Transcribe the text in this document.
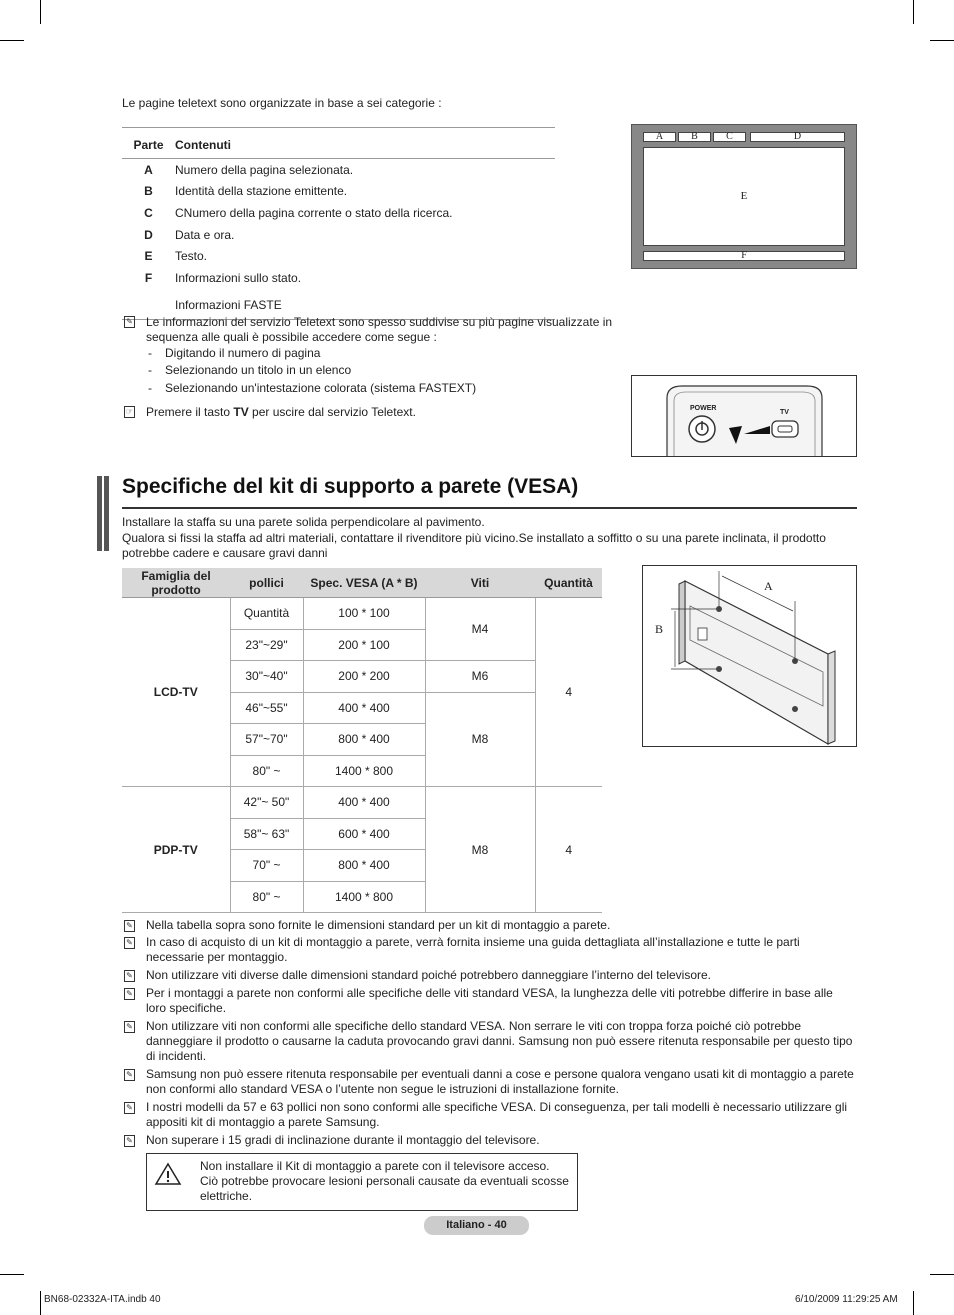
Le pagine teletext sono organizzate in base a sei categorie :
Parte Contenuti
A	Numero della pagina selezionata.
B	Identità della stazione emittente.
C	CNumero della pagina corrente o stato della ricerca.
D	Data e ora.
E	Testo.
F	Informazioni sullo stato.
Informazioni FASTE
A	B	C	D
E
F
✎ Le informazioni del servizio Teletext sono spesso suddivise su più pagine visualizzate in sequenza alle quali è possibile accedere come segue :
- Digitando il numero di pagina
- Selezionando un titolo in un elenco
- Selezionando un'intestazione colorata (sistema FASTEXT)
☞ Premere il tasto TV per uscire dal servizio Teletext.	POWER
TV
Specifiche del kit di supporto a parete (VESA)
Installare la staffa su una parete solida perpendicolare al pavimento.
Qualora si fissi la staffa ad altri materiali, contattare il rivenditore più vicino.Se installato a soffitto o su una parete inclinata, il prodotto potrebbe cadere e causare gravi danni
Famiglia del prodotto	pollici	Spec. VESA (A * B)	Viti	Quantità
LCD-TV	Quantità	100 * 100	M4	4
	23"~29"	200 * 100		
	30"~40"	200 * 200	M6	
	46"~55"	400 * 400	M8	
	57"~70"	800 * 400		
	80" ~	1400 * 800		
PDP-TV	42"~ 50"	400 * 400	M8	4
	58"~ 63"	600 * 400		
	70" ~	800 * 400		
	80" ~	1400 * 800		
A
B
✎ Nella tabella sopra sono fornite le dimensioni standard per un kit di montaggio a parete.
✎ In caso di acquisto di un kit di montaggio a parete, verrà fornita insieme una guida dettagliata all’installazione e tutte le parti necessarie per montaggio.
✎ Non utilizzare viti diverse dalle dimensioni standard poiché potrebbero danneggiare l’interno del televisore.
✎ Per i montaggi a parete non conformi alle specifiche delle viti standard VESA, la lunghezza delle viti potrebbe differire in base alle loro specifiche.
✎ Non utilizzare viti non conformi alle specifiche dello standard VESA. Non serrare le viti con troppa forza poiché ciò potrebbe danneggiare il prodotto o causarne la caduta provocando gravi danni. Samsung non può essere ritenuta responsabile per questo tipo di incidenti.
✎ Samsung non può essere ritenuta responsabile per eventuali danni a cose e persone qualora vengano usati kit di montaggio a parete non conformi allo standard VESA o l’utente non segue le istruzioni di installazione fornite.
✎ I nostri modelli da 57 e 63 pollici non sono conformi alle specifiche VESA. Di conseguenza, per tali modelli è necessario utilizzare gli appositi kit di montaggio a parete Samsung.
✎ Non superare i 15 gradi di inclinazione durante il montaggio del televisore.
Non installare il Kit di montaggio a parete con il televisore acceso. Ciò potrebbe provocare lesioni personali causate da eventuali scosse elettriche.
Italiano - 40
BN68-02332A-ITA.indb 40	6/10/2009 11:29:25 AM
